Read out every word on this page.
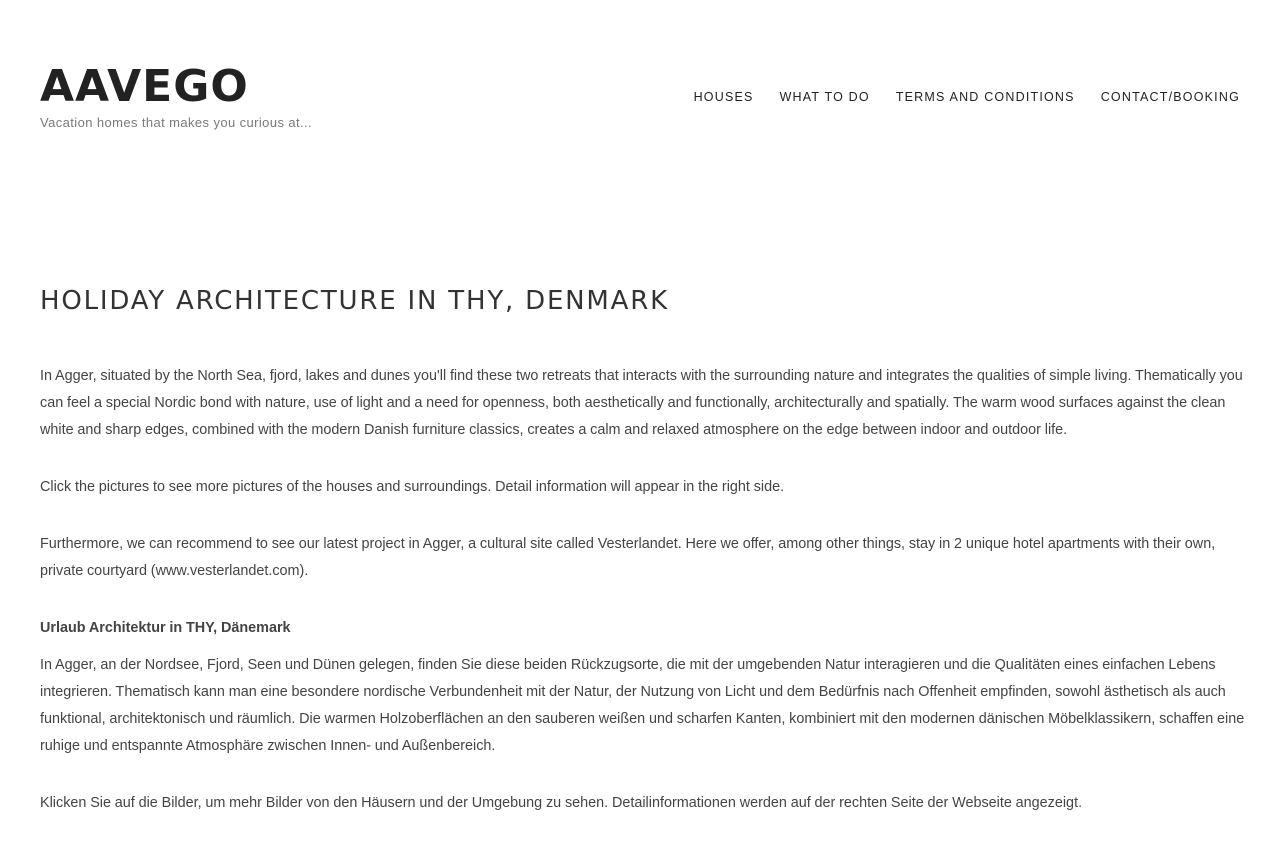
AAVEGO
Vacation homes that makes you curious at...
HOUSES WHAT TO DO TERMS AND CONDITIONS CONTACT/BOOKING
HOLIDAY ARCHITECTURE IN THY, DENMARK

In Agger, situated by the North Sea, fjord, lakes and dunes you'll find these two retreats that interacts with the surrounding nature and integrates the qualities of simple living. Thematically you can feel a special Nordic bond with nature, use of light and a need for openness, both aesthetically and functionally, architecturally and spatially. The warm wood surfaces against the clean white and sharp edges, combined with the modern Danish furniture classics, creates a calm and relaxed atmosphere on the edge between indoor and outdoor life.

Click the pictures to see more pictures of the houses and surroundings. Detail information will appear in the right side.

Furthermore, we can recommend to see our latest project in Agger, a cultural site called Vesterlandet. Here we offer, among other things, stay in 2 unique hotel apartments with their own, private courtyard (www.vesterlandet.com).

Urlaub Architektur in THY, Dänemark

In Agger, an der Nordsee, Fjord, Seen und Dünen gelegen, finden Sie diese beiden Rückzugsorte, die mit der umgebenden Natur interagieren und die Qualitäten eines einfachen Lebens integrieren. Thematisch kann man eine besondere nordische Verbundenheit mit der Natur, der Nutzung von Licht und dem Bedürfnis nach Offenheit empfinden, sowohl ästhetisch als auch funktional, architektonisch und räumlich. Die warmen Holzoberflächen an den sauberen weißen und scharfen Kanten, kombiniert mit den modernen dänischen Möbelklassikern, schaffen eine ruhige und entspannte Atmosphäre zwischen Innen- und Außenbereich.

Klicken Sie auf die Bilder, um mehr Bilder von den Häusern und der Umgebung zu sehen. Detailinformationen werden auf der rechten Seite der Webseite angezeigt.
